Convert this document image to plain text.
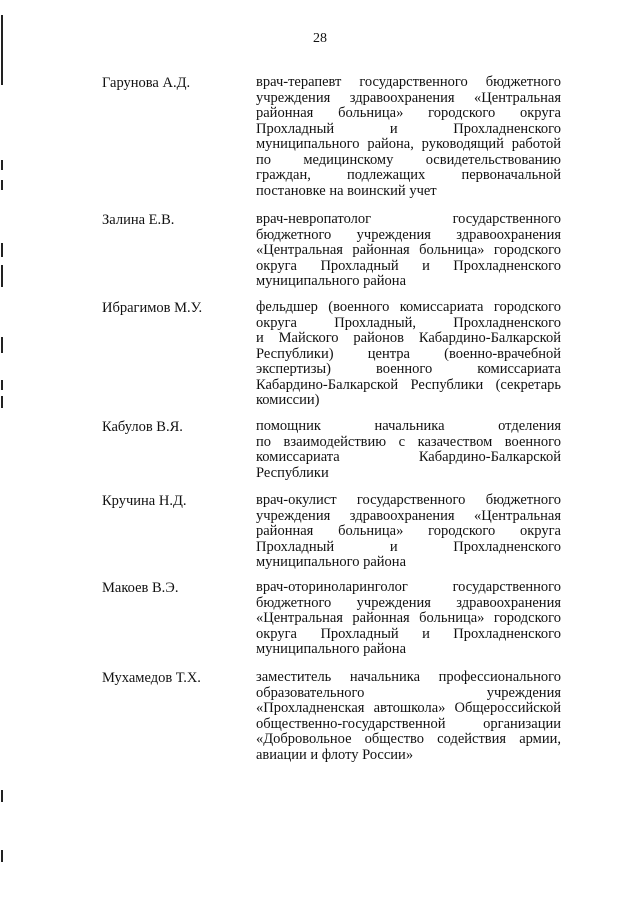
28
Гарунова А.Д.	врач-терапевт государственного бюджетного
учреждения здравоохранения «Центральная
районная больница» городского округа
Прохладный и Прохладненского
муниципального района, руководящий работой
по медицинскому освидетельствованию
граждан, подлежащих первоначальной
постановке на воинский учет
Залина Е.В.	врач-невропатолог государственного
бюджетного учреждения здравоохранения
«Центральная районная больница» городского
округа Прохладный и Прохладненского
муниципального района
Ибрагимов М.У.	фельдшер (военного комиссариата городского
округа Прохладный, Прохладненского
и Майского районов Кабардино-Балкарской
Республики) центра (военно-врачебной
экспертизы) военного комиссариата
Кабардино-Балкарской Республики (секретарь
комиссии)
Кабулов В.Я.	помощник начальника отделения
по взаимодействию с казачеством военного
комиссариата Кабардино-Балкарской
Республики
Кручина Н.Д.	врач-окулист государственного бюджетного
учреждения здравоохранения «Центральная
районная больница» городского округа
Прохладный и Прохладненского
муниципального района
Макоев В.Э.	врач-оториноларинголог государственного
бюджетного учреждения здравоохранения
«Центральная районная больница» городского
округа Прохладный и Прохладненского
муниципального района
Мухамедов Т.Х.	заместитель начальника профессионального
образовательного учреждения
«Прохладненская автошкола» Общероссийской
общественно-государственной организации
«Добровольное общество содействия армии,
авиации и флоту России»
